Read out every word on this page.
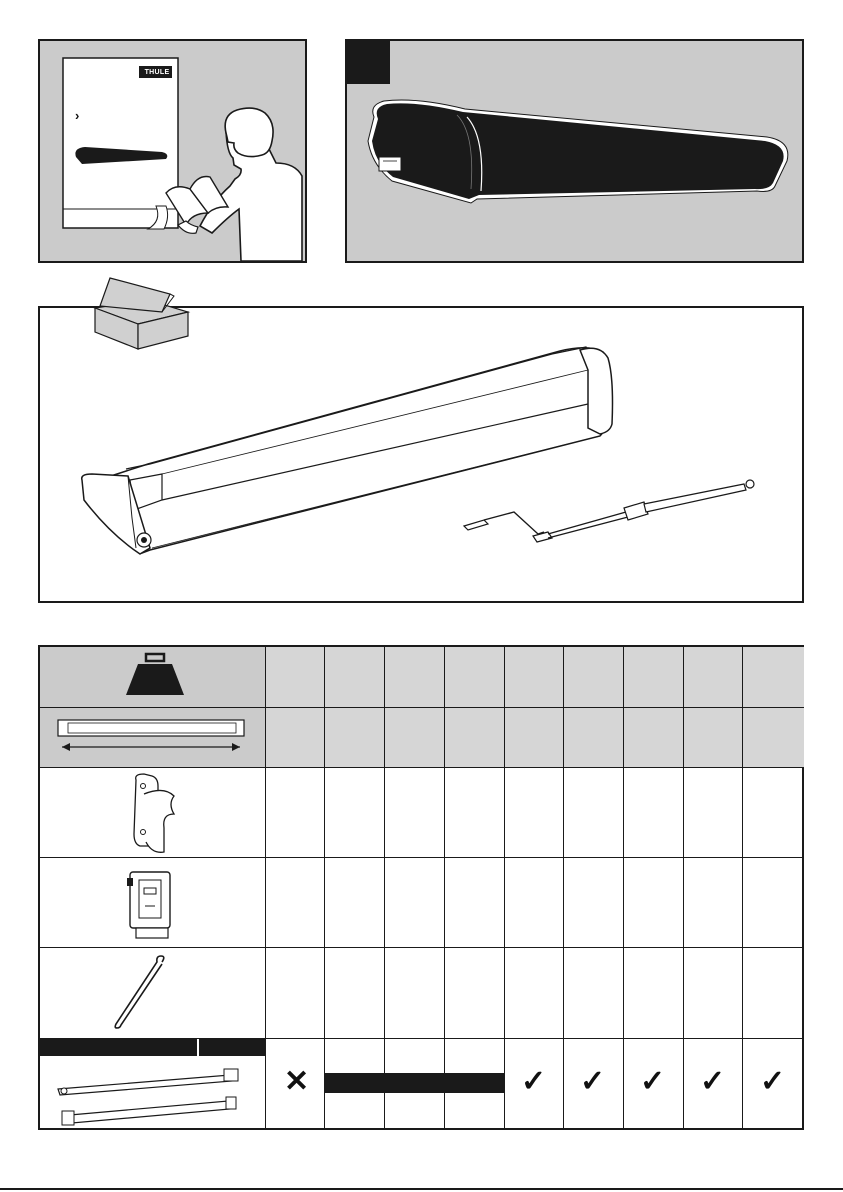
THULE
›
✕	✓ ✓ ✓ ✓ ✓
